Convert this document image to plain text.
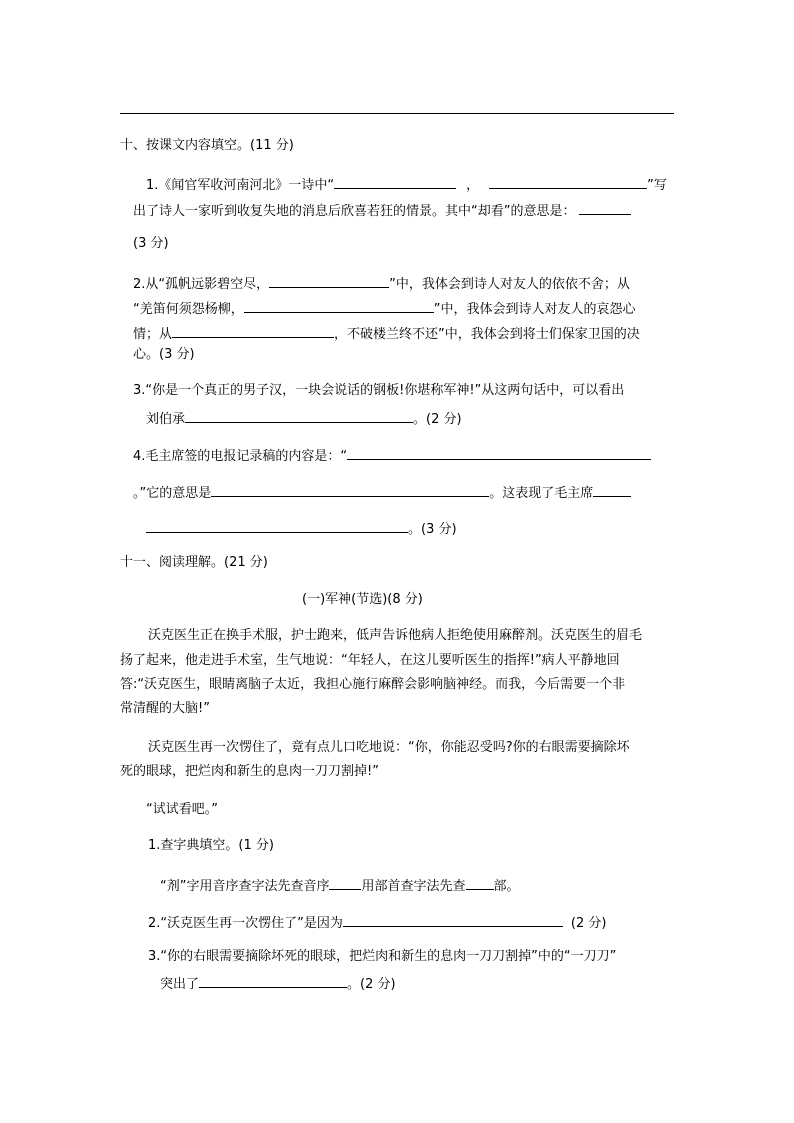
十、按课文内容填空。(11 分)
1.《闻官军收河南河北》一诗中“	，	”写
出了诗人一家听到收复失地的消息后欣喜若狂的情景。其中“却看”的意思是：
(3 分)
2.从“孤帆远影碧空尽，	”中，我体会到诗人对友人的依依不舍；从
“羌笛何须怨杨柳，	”中，我体会到诗人对友人的哀怨心
情；从	，不破楼兰终不还”中，我体会到将士们保家卫国的决
心。(3 分)
3.“你是一个真正的男子汉，一块会说话的钢板!你堪称军神!”从这两句话中，可以看出
刘伯承	。(2 分)
4.毛主席签的电报记录稿的内容是：“
。”它的意思是	。这表现了毛主席
。(3 分)
十一、阅读理解。(21 分)
(一)军神(节选)(8 分)
沃克医生正在换手术服，护士跑来，低声告诉他病人拒绝使用麻醉剂。沃克医生的眉毛
扬了起来，他走进手术室，生气地说：“年轻人，在这儿要听医生的指挥!”病人平静地回
答:“沃克医生，眼睛离脑子太近，我担心施行麻醉会影响脑神经。而我，今后需要一个非
常清醒的大脑!”
沃克医生再一次愣住了，竟有点儿口吃地说：“你，你能忍受吗?你的右眼需要摘除坏
死的眼球，把烂肉和新生的息肉一刀刀割掉!”
“试试看吧。”
1.查字典填空。(1 分)
“剂”字用音序查字法先查音序 用部首查字法先查 部。
2.“沃克医生再一次愣住了”是因为	(2 分)
3.“你的右眼需要摘除坏死的眼球，把烂肉和新生的息肉一刀刀割掉”中的“一刀刀”
突出了	。(2 分)
